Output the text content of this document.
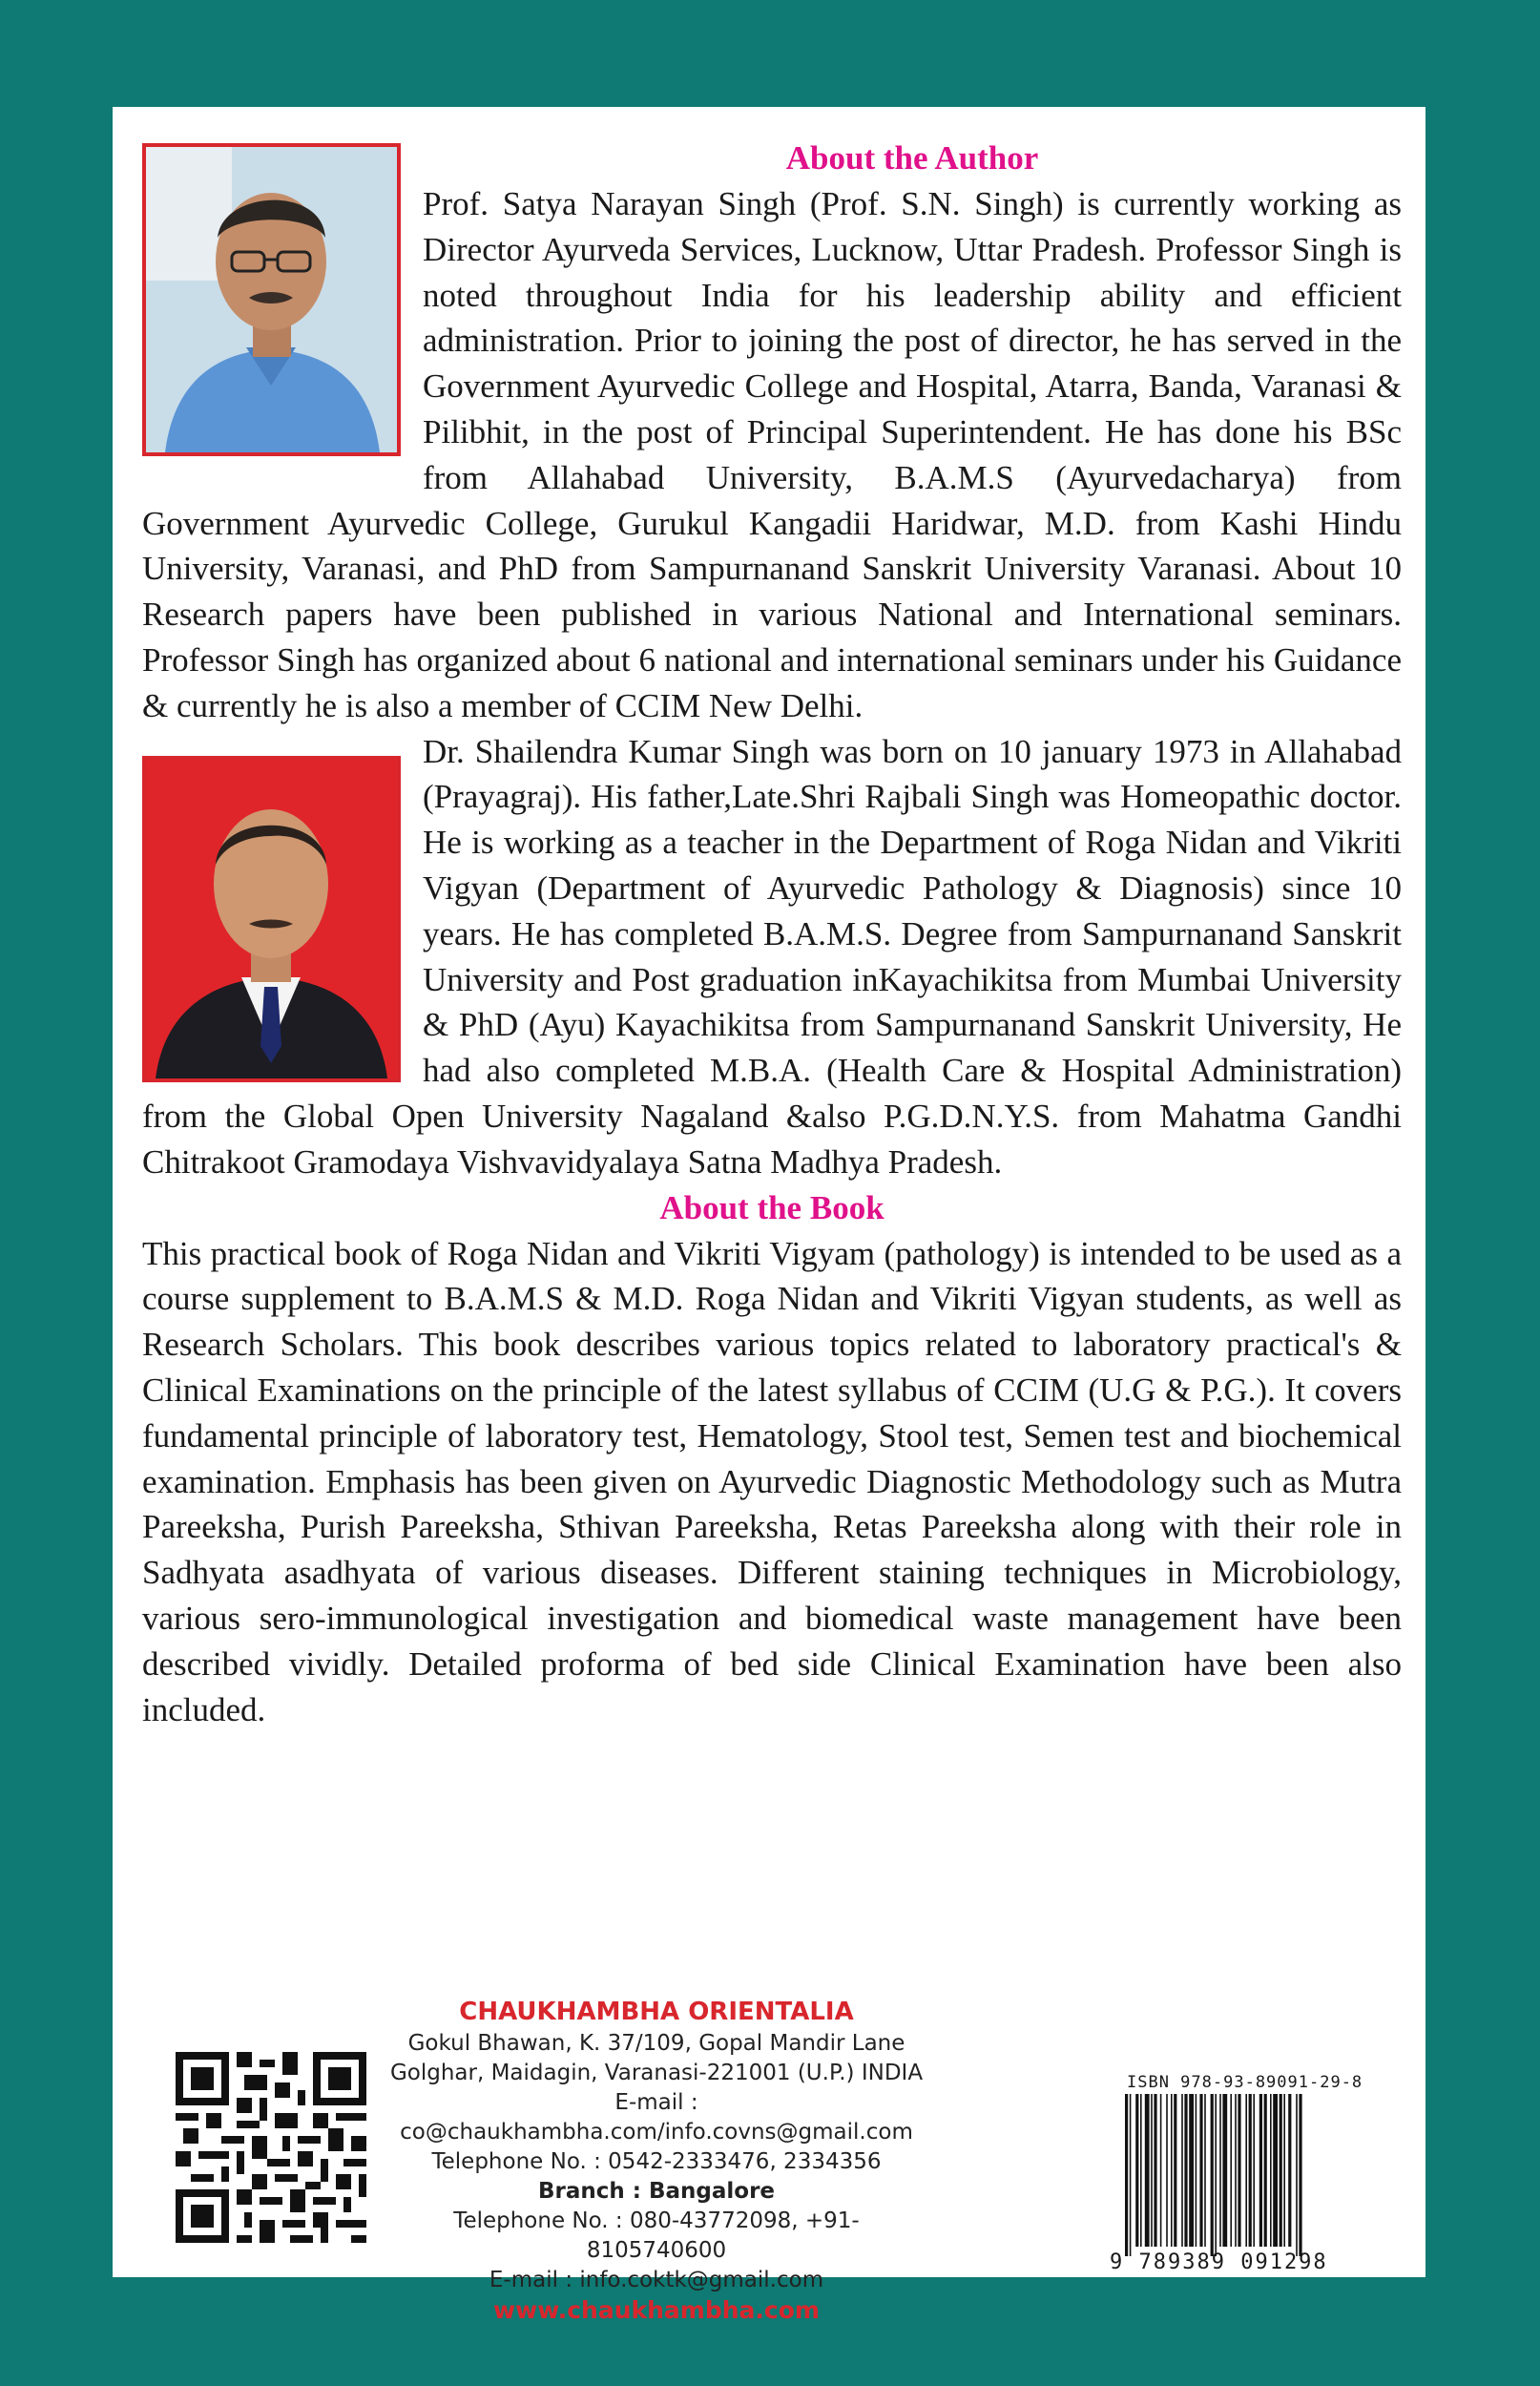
About the Author

Prof. Satya Narayan Singh (Prof. S.N. Singh) is currently working as Director Ayurveda Services, Lucknow, Uttar Pradesh. Professor Singh is noted throughout India for his leadership ability and efficient administration. Prior to joining the post of director, he has served in the Government Ayurvedic College and Hospital, Atarra, Banda, Varanasi & Pilibhit, in the post of Principal Superintendent. He has done his BSc from Allahabad University, B.A.M.S (Ayurvedacharya) from Government Ayurvedic College, Gurukul Kangadii Haridwar, M.D. from Kashi Hindu University, Varanasi, and PhD from Sampurnanand Sanskrit University Varanasi. About 10 Research papers have been published in various National and International seminars. Professor Singh has organized about 6 national and international seminars under his Guidance & currently he is also a member of CCIM New Delhi.

Dr. Shailendra Kumar Singh was born on 10 january 1973 in Allahabad (Prayagraj). His father,Late.Shri Rajbali Singh was Homeopathic doctor. He is working as a teacher in the Department of Roga Nidan and Vikriti Vigyan (Department of Ayurvedic Pathology & Diagnosis) since 10 years. He has completed B.A.M.S. Degree from Sampurnanand Sanskrit University and Post graduation inKayachikitsa from Mumbai University & PhD (Ayu) Kayachikitsa from Sampurnanand Sanskrit University, He had also completed M.B.A. (Health Care & Hospital Administration) from the Global Open University Nagaland &also P.G.D.N.Y.S. from Mahatma Gandhi Chitrakoot Gramodaya Vishvavidyalaya Satna Madhya Pradesh.

About the Book

This practical book of Roga Nidan and Vikriti Vigyam (pathology) is intended to be used as a course supplement to B.A.M.S & M.D. Roga Nidan and Vikriti Vigyan students, as well as Research Scholars. This book describes various topics related to laboratory practical's & Clinical Examinations on the principle of the latest syllabus of CCIM (U.G & P.G.). It covers fundamental principle of laboratory test, Hematology, Stool test, Semen test and biochemical examination. Emphasis has been given on Ayurvedic Diagnostic Methodology such as Mutra Pareeksha, Purish Pareeksha, Sthivan Pareeksha, Retas Pareeksha along with their role in Sadhyata asadhyata of various diseases. Different staining techniques in Microbiology, various sero-immunological investigation and biomedical waste management have been described vividly. Detailed proforma of bed side Clinical Examination have been also included.

CHAUKHAMBHA ORIENTALIA
Gokul Bhawan, K. 37/109, Gopal Mandir Lane
Golghar, Maidagin, Varanasi-221001 (U.P.) INDIA
E-mail : co@chaukhambha.com/info.covns@gmail.com
Telephone No. : 0542-2333476, 2334356
Branch : Bangalore
Telephone No. : 080-43772098, +91-8105740600
E-mail : info.coktk@gmail.com
www.chaukhambha.com
ISBN 978-93-89091-29-8
9 789389 091298
